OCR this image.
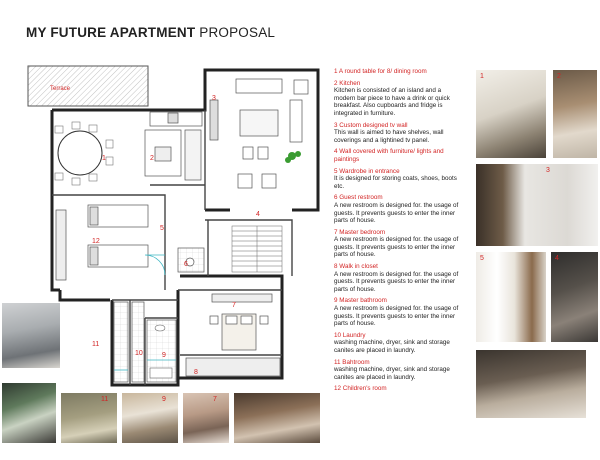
MY FUTURE APARTMENT PROPOSAL
Terrace
1	2
3
4
5
6
7
8
9
10
11
12
1 A round table for 8/ dining room
2 Kitchen
Kitchen is consisted of an island and a modern bar piece to have a drink or quick breakfast. Also cupboards and fridge is integrated in furniture.
3 Custom designed tv wall
This wall is aimed to have shelves, wall coverings and a lightined tv panel.
4 Wall covered with furniture/ lights and paintings
5 Wardrobe in entrance
It is designed for storing coats, shoes, boots etc.
6 Guest restroom
A new restroom is designed for. the usage of guests. It prevents guests to enter the inner parts of house.
7 Master bedroom
A new restroom is designed for. the usage of guests. It prevents guests to enter the inner parts of house.
8 Walk in closet
A new restroom is designed for. the usage of guests. It prevents guests to enter the inner parts of house.
9 Master bathroom
A new restroom is designed for. the usage of guests. It prevents guests to enter the inner parts of house.
10 Laundry
washing machine, dryer, sink and storage canites are placed in laundry.
11 Bahtroom
washing machine, dryer, sink and storage canites are placed in laundry.
12 Children's room
1	2
3
5	4
11	9	7
